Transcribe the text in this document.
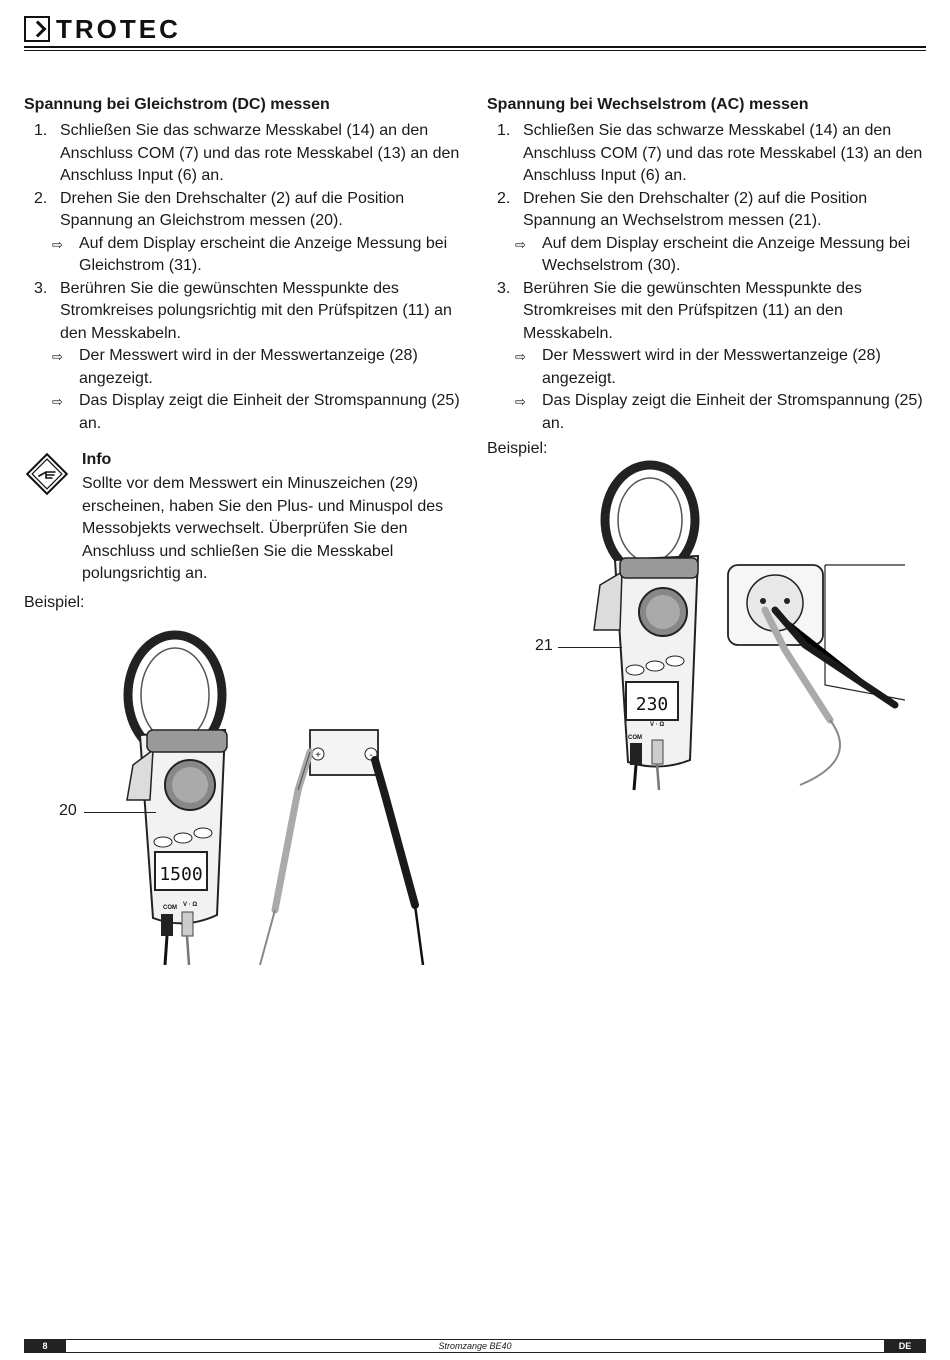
TROTEC
Spannung bei Gleichstrom (DC) messen
1. Schließen Sie das schwarze Messkabel (14) an den Anschluss COM (7) und das rote Messkabel (13) an den Anschluss Input (6) an.
2. Drehen Sie den Drehschalter (2) auf die Position Spannung an Gleichstrom messen (20).
⇨	Auf dem Display erscheint die Anzeige Messung bei Gleichstrom (31).
3. Berühren Sie die gewünschten Messpunkte des Stromkreises polungsrichtig mit den Prüfspitzen (11) an den Messkabeln.
⇨	Der Messwert wird in der Messwertanzeige (28) angezeigt.
⇨	Das Display zeigt die Einheit der Stromspannung (25) an.
Info
Sollte vor dem Messwert ein Minuszeichen (29) erscheinen, haben Sie den Plus- und Minuspol des Messobjekts verwechselt. Überprüfen Sie den Anschluss und schließen Sie die Messkabel polungsrichtig an.
Beispiel:
1500
COM V · Ω
+	-
20
Spannung bei Wechselstrom (AC) messen
1. Schließen Sie das schwarze Messkabel (14) an den Anschluss COM (7) und das rote Messkabel (13) an den Anschluss Input (6) an.
2. Drehen Sie den Drehschalter (2) auf die Position Spannung an Wechselstrom messen (21).
⇨	Auf dem Display erscheint die Anzeige Messung bei Wechselstrom (30).
3. Berühren Sie die gewünschten Messpunkte des Stromkreises mit den Prüfspitzen (11) an den Messkabeln.
⇨	Der Messwert wird in der Messwertanzeige (28) angezeigt.
⇨	Das Display zeigt die Einheit der Stromspannung (25) an.
Beispiel:
230
COM
V · Ω
21
8	Stromzange BE40	DE
